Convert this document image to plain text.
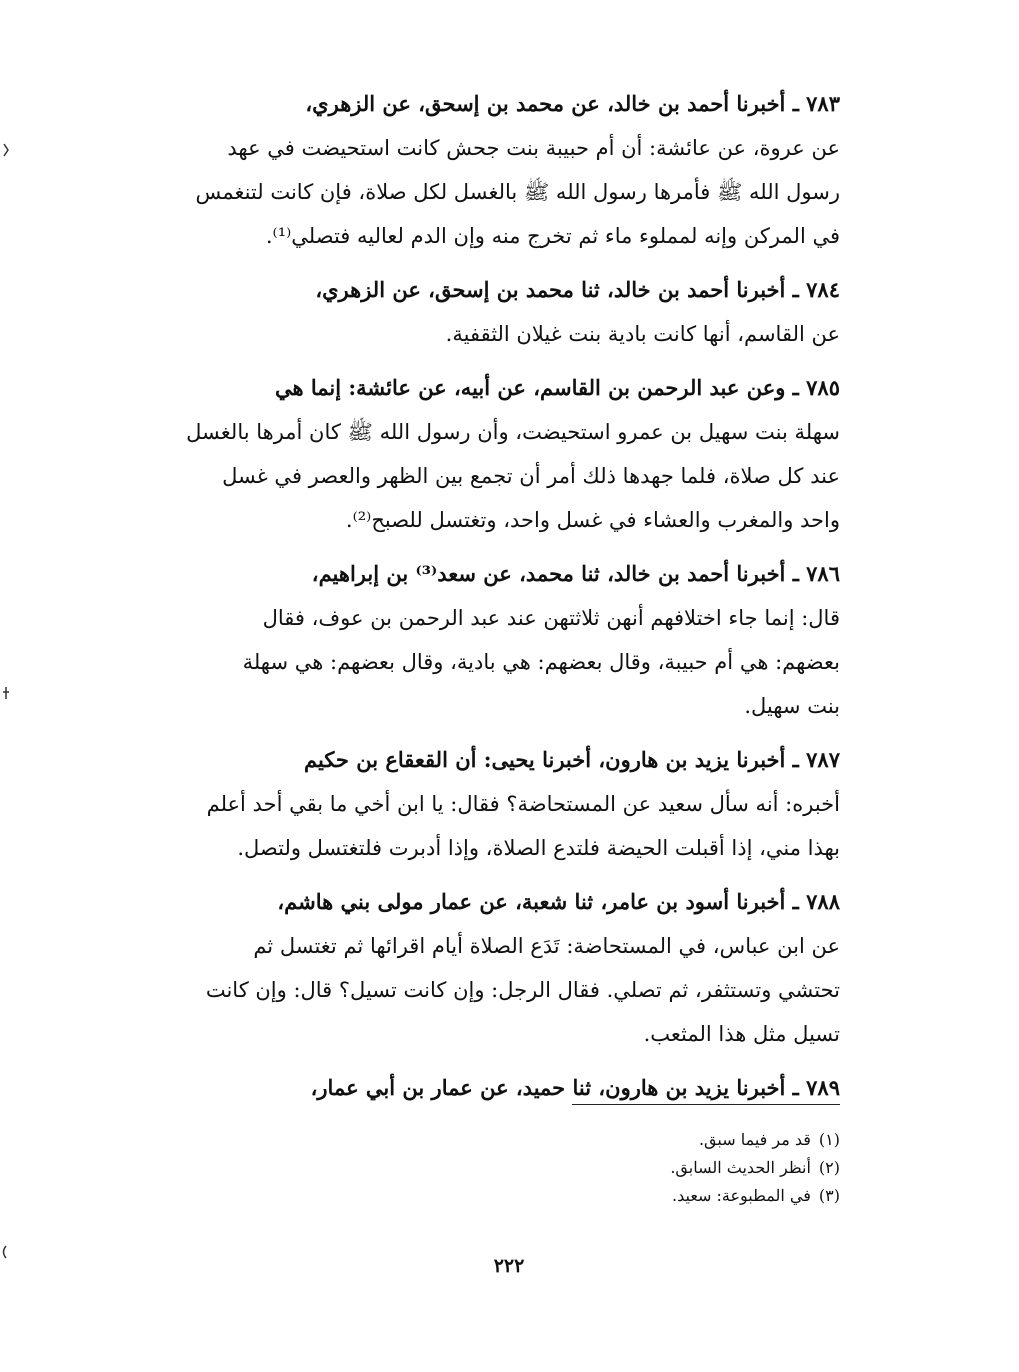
٧٨٣ ـ أخبرنا أحمد بن خالد، عن محمد بن إسحق، عن الزهري،

عن عروة، عن عائشة: أن أم حبيبة بنت جحش كانت استحيضت في عهد

رسول الله ﷺ فأمرها رسول الله ﷺ بالغسل لكل صلاة، فإن كانت لتنغمس

في المركن وإنه لمملوء ماء ثم تخرج منه وإن الدم لعاليه فتصلي⁽¹⁾.

٧٨٤ ـ أخبرنا أحمد بن خالد، ثنا محمد بن إسحق، عن الزهري،

عن القاسم، أنها كانت بادية بنت غيلان الثقفية.

٧٨٥ ـ وعن عبد الرحمن بن القاسم، عن أبيه، عن عائشة: إنما هي

سهلة بنت سهيل بن عمرو استحيضت، وأن رسول الله ﷺ كان أمرها بالغسل

عند كل صلاة، فلما جهدها ذلك أمر أن تجمع بين الظهر والعصر في غسل

واحد والمغرب والعشاء في غسل واحد، وتغتسل للصبح⁽²⁾.

٧٨٦ ـ أخبرنا أحمد بن خالد، ثنا محمد، عن سعد⁽³⁾ بن إبراهيم،

قال: إنما جاء اختلافهم أنهن ثلاثتهن عند عبد الرحمن بن عوف، فقال

بعضهم: هي أم حبيبة، وقال بعضهم: هي بادية، وقال بعضهم: هي سهلة

بنت سهيل.

٧٨٧ ـ أخبرنا يزيد بن هارون، أخبرنا يحيى: أن القعقاع بن حكيم

أخبره: أنه سأل سعيد عن المستحاضة؟ فقال: يا ابن أخي ما بقي أحد أعلم

بهذا مني، إذا أقبلت الحيضة فلتدع الصلاة، وإذا أدبرت فلتغتسل ولتصل.

٧٨٨ ـ أخبرنا أسود بن عامر، ثنا شعبة، عن عمار مولى بني هاشم،

عن ابن عباس، في المستحاضة: تَدَع الصلاة أيام اقرائها ثم تغتسل ثم

تحتشي وتستثفر، ثم تصلي. فقال الرجل: وإن كانت تسيل؟ قال: وإن كانت

تسيل مثل هذا المثعب.

٧٨٩ ـ أخبرنا يزيد بن هارون، ثنا حميد، عن عمار بن أبي عمار،

(١)قد مر فيما سبق.
(٢)أنظر الحديث السابق.
(٣)في المطبوعة: سعيد.
٢٢٢
